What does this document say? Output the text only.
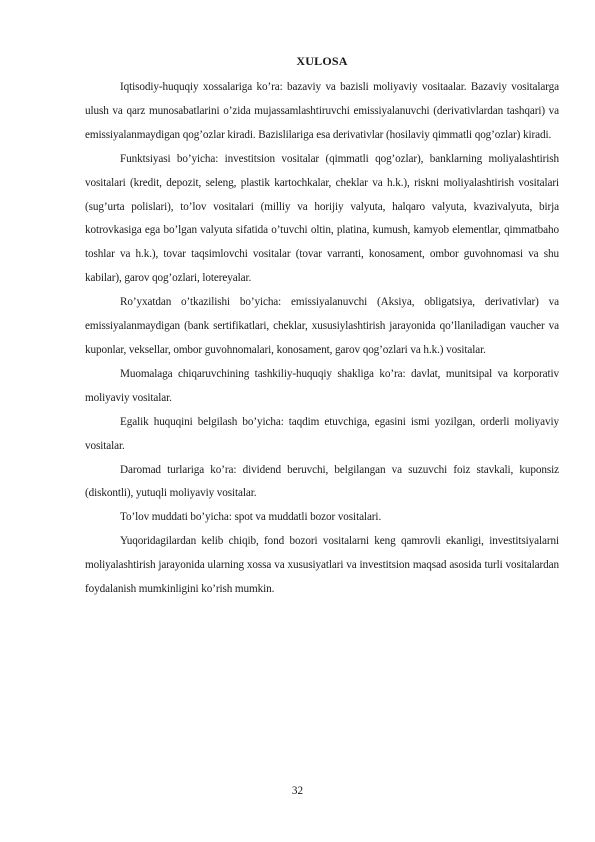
XULOSA

Iqtisodiy-huquqiy xossalariga ko’ra: bazaviy va bazisli moliyaviy vositaalar. Bazaviy vositalarga ulush va qarz munosabatlarini o’zida mujassamlashtiruvchi emissiyalanuvchi (derivativlardan tashqari) va emissiyalanmaydigan qog’ozlar kiradi. Bazislilariga esa derivativlar (hosilaviy qimmatli qog’ozlar) kiradi.

Funktsiyasi bo’yicha: investitsion vositalar (qimmatli qog’ozlar), banklarning moliyalashtirish vositalari (kredit, depozit, seleng, plastik kartochkalar, cheklar va h.k.), riskni moliyalashtirish vositalari (sug’urta polislari), to’lov vositalari (milliy va horijiy valyuta, halqaro valyuta, kvazivalyuta, birja kotrovkasiga ega bo’lgan valyuta sifatida o’tuvchi oltin, platina, kumush, kamyob elementlar, qimmatbaho toshlar va h.k.), tovar taqsimlovchi vositalar (tovar varranti, konosament, ombor guvohnomasi va shu kabilar), garov qog’ozlari, lotereyalar.

Ro’yxatdan o’tkazilishi bo’yicha: emissiyalanuvchi (Aksiya, obligatsiya, derivativlar) va emissiyalanmaydigan (bank sertifikatlari, cheklar, xususiylashtirish jarayonida qo’llaniladigan vaucher va kuponlar, veksellar, ombor guvohnomalari, konosament, garov qog’ozlari va h.k.) vositalar.

Muomalaga chiqaruvchining tashkiliy-huquqiy shakliga ko’ra: davlat, munitsipal va korporativ moliyaviy vositalar.

Egalik huquqini belgilash bo’yicha: taqdim etuvchiga, egasini ismi yozilgan, orderli moliyaviy vositalar.

Daromad turlariga ko’ra: dividend beruvchi, belgilangan va suzuvchi foiz stavkali, kuponsiz (diskontli), yutuqli moliyaviy vositalar.

To’lov muddati bo’yicha: spot va muddatli bozor vositalari.

Yuqoridagilardan kelib chiqib, fond bozori vositalarni keng qamrovli ekanligi, investitsiyalarni moliyalashtirish jarayonida ularning xossa va xususiyatlari va investitsion maqsad asosida turli vositalardan foydalanish mumkinligini ko’rish mumkin.

32
